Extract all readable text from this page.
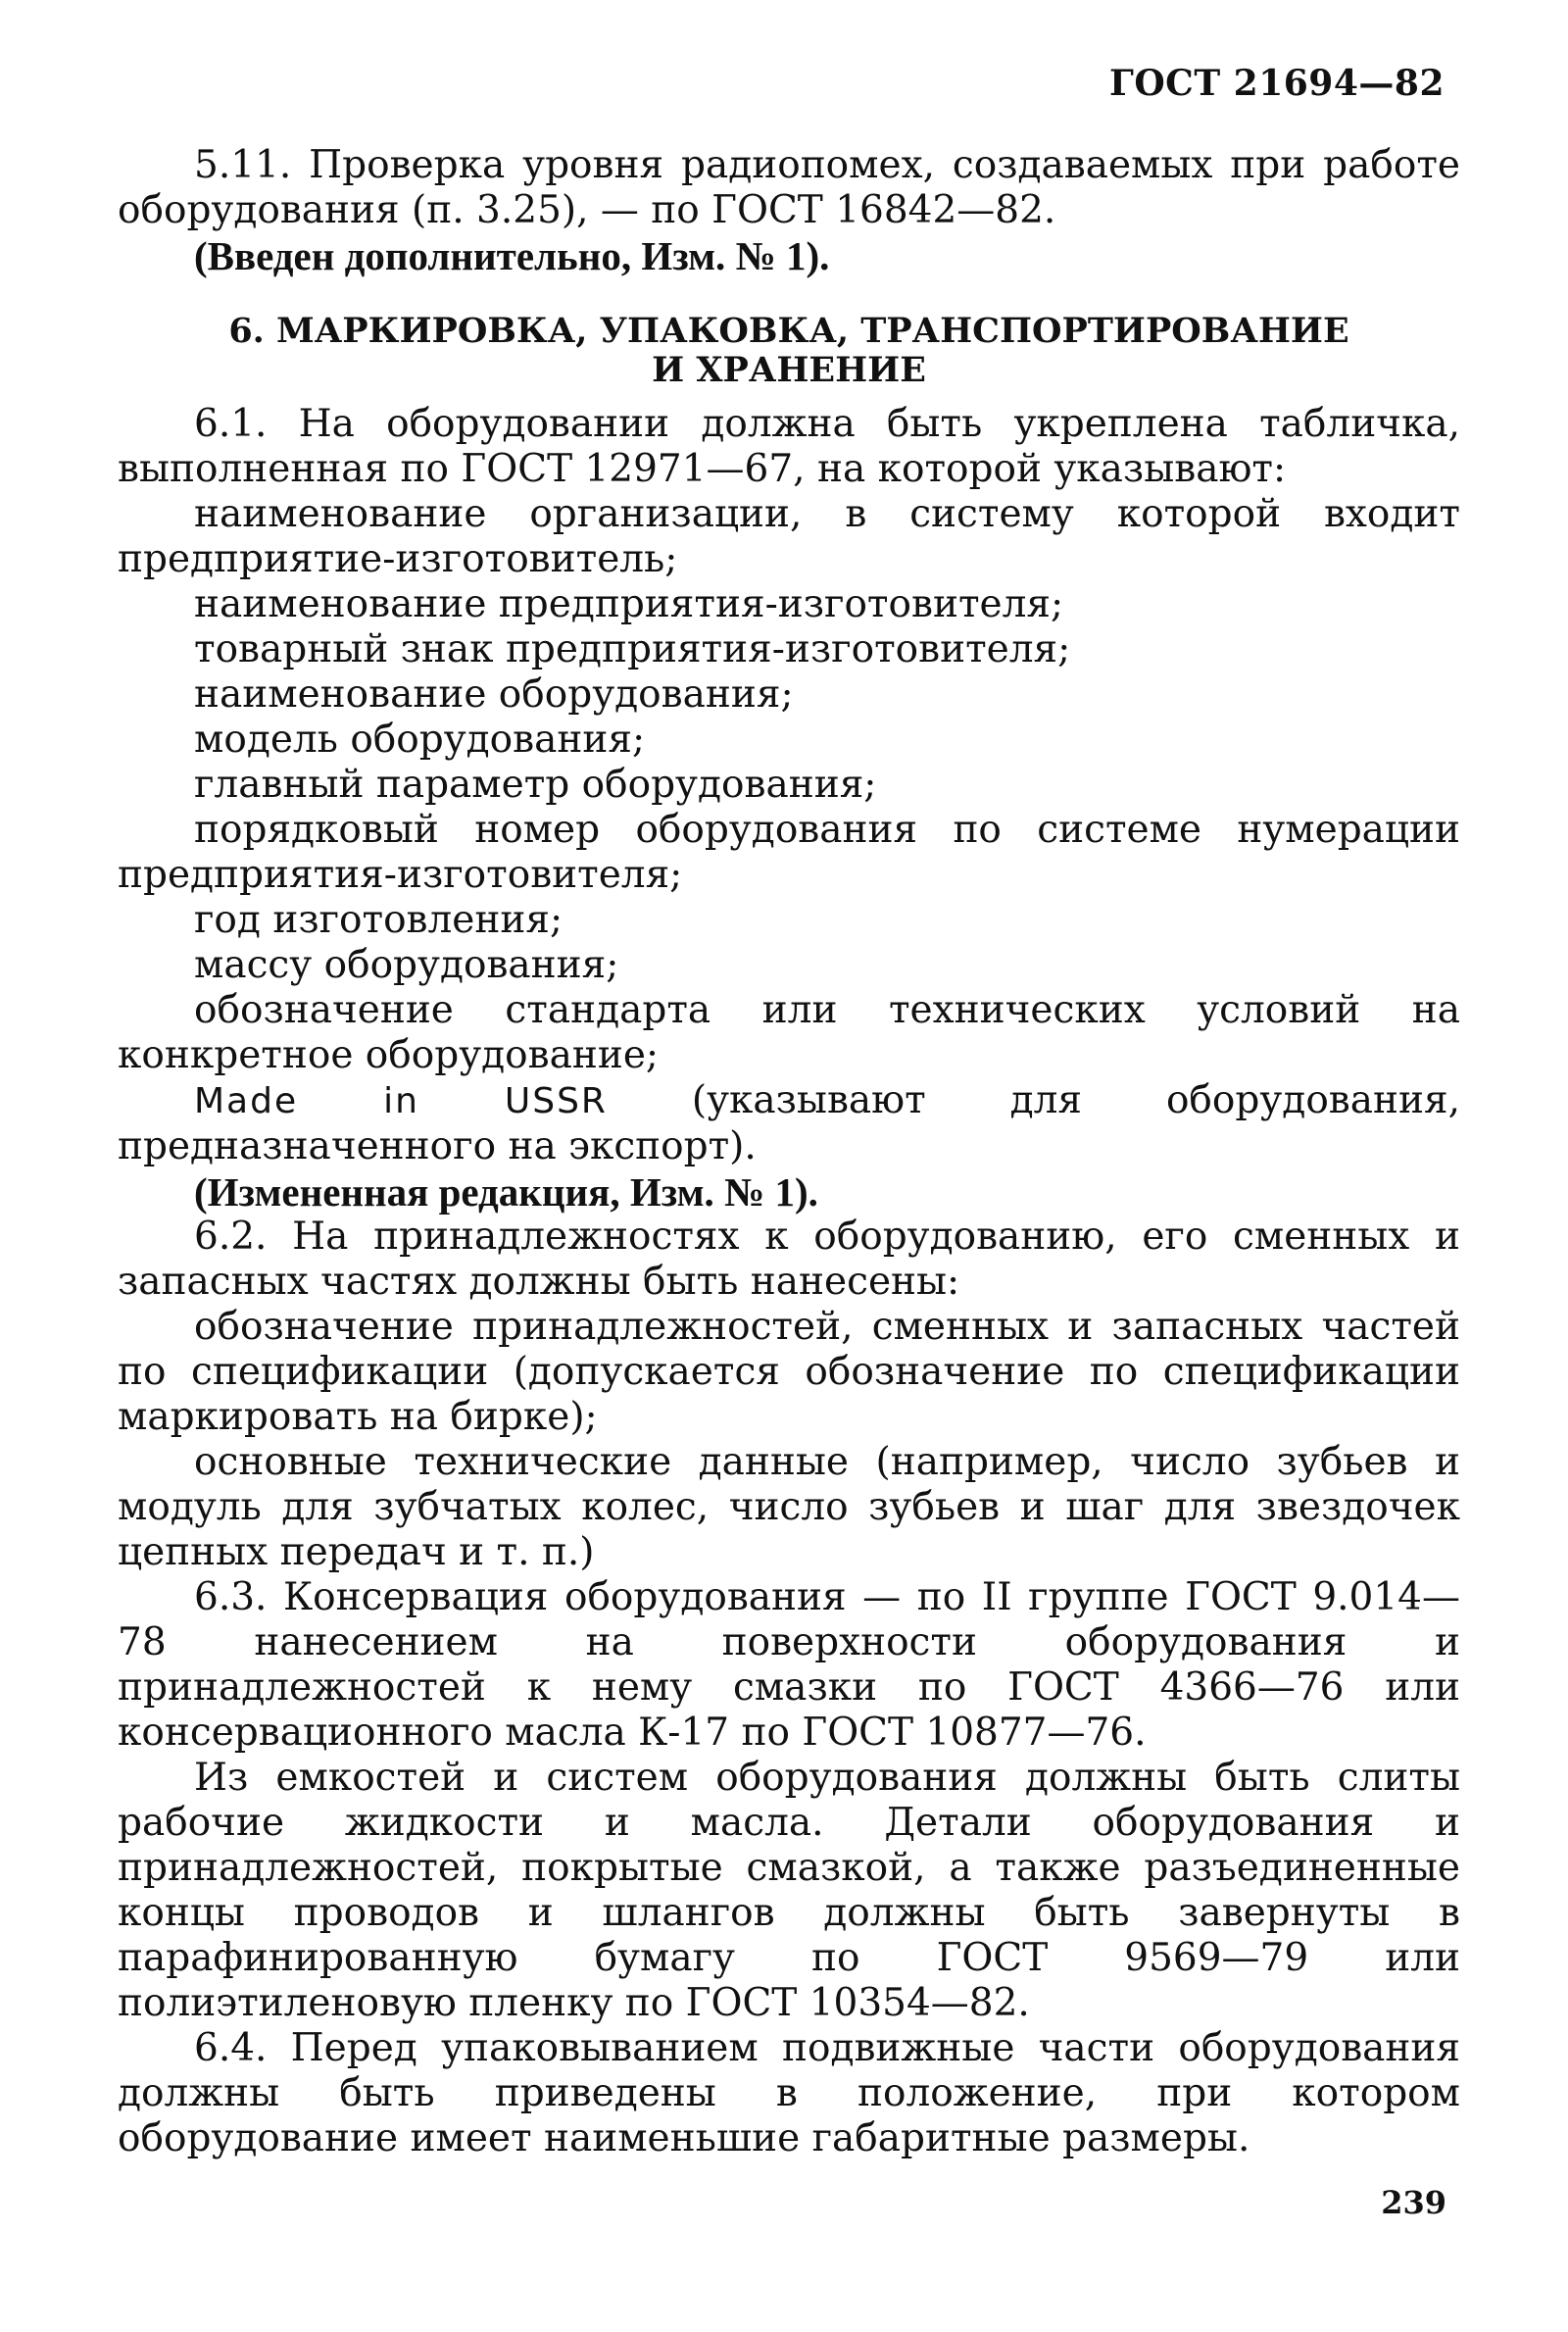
ГОСТ 21694—82

5.11. Проверка уровня радиопомех, создаваемых при работе оборудования (п. 3.25), — по ГОСТ 16842—82.

(Введен дополнительно, Изм. № 1).

6. МАРКИРОВКА, УПАКОВКА, ТРАНСПОРТИРОВАНИЕ
И ХРАНЕНИЕ

6.1. На оборудовании должна быть укреплена табличка, выполненная по ГОСТ 12971—67, на которой указывают:

наименование организации, в систему которой входит предприятие-изготовитель;

наименование предприятия-изготовителя;

товарный знак предприятия-изготовителя;

наименование оборудования;

модель оборудования;

главный параметр оборудования;

порядковый номер оборудования по системе нумерации предприятия-изготовителя;

год изготовления;

массу оборудования;

обозначение стандарта или технических условий на конкретное оборудование;

Made in USSR (указывают для оборудования, предназначенного на экспорт).

(Измененная редакция, Изм. № 1).

6.2. На принадлежностях к оборудованию, его сменных и запасных частях должны быть нанесены:

обозначение принадлежностей, сменных и запасных частей по спецификации (допускается обозначение по спецификации маркировать на бирке);

основные технические данные (например, число зубьев и модуль для зубчатых колес, число зубьев и шаг для звездочек цепных передач и т. п.)

6.3. Консервация оборудования — по II группе ГОСТ 9.014—78 нанесением на поверхности оборудования и принадлежностей к нему смазки по ГОСТ 4366—76 или консервационного масла К-17 по ГОСТ 10877—76.

Из емкостей и систем оборудования должны быть слиты рабочие жидкости и масла. Детали оборудования и принадлежностей, покрытые смазкой, а также разъединенные концы проводов и шлангов должны быть завернуты в парафинированную бумагу по ГОСТ 9569—79 или полиэтиленовую пленку по ГОСТ 10354—82.

6.4. Перед упаковыванием подвижные части оборудования должны быть приведены в положение, при котором оборудование имеет наименьшие габаритные размеры.

239
